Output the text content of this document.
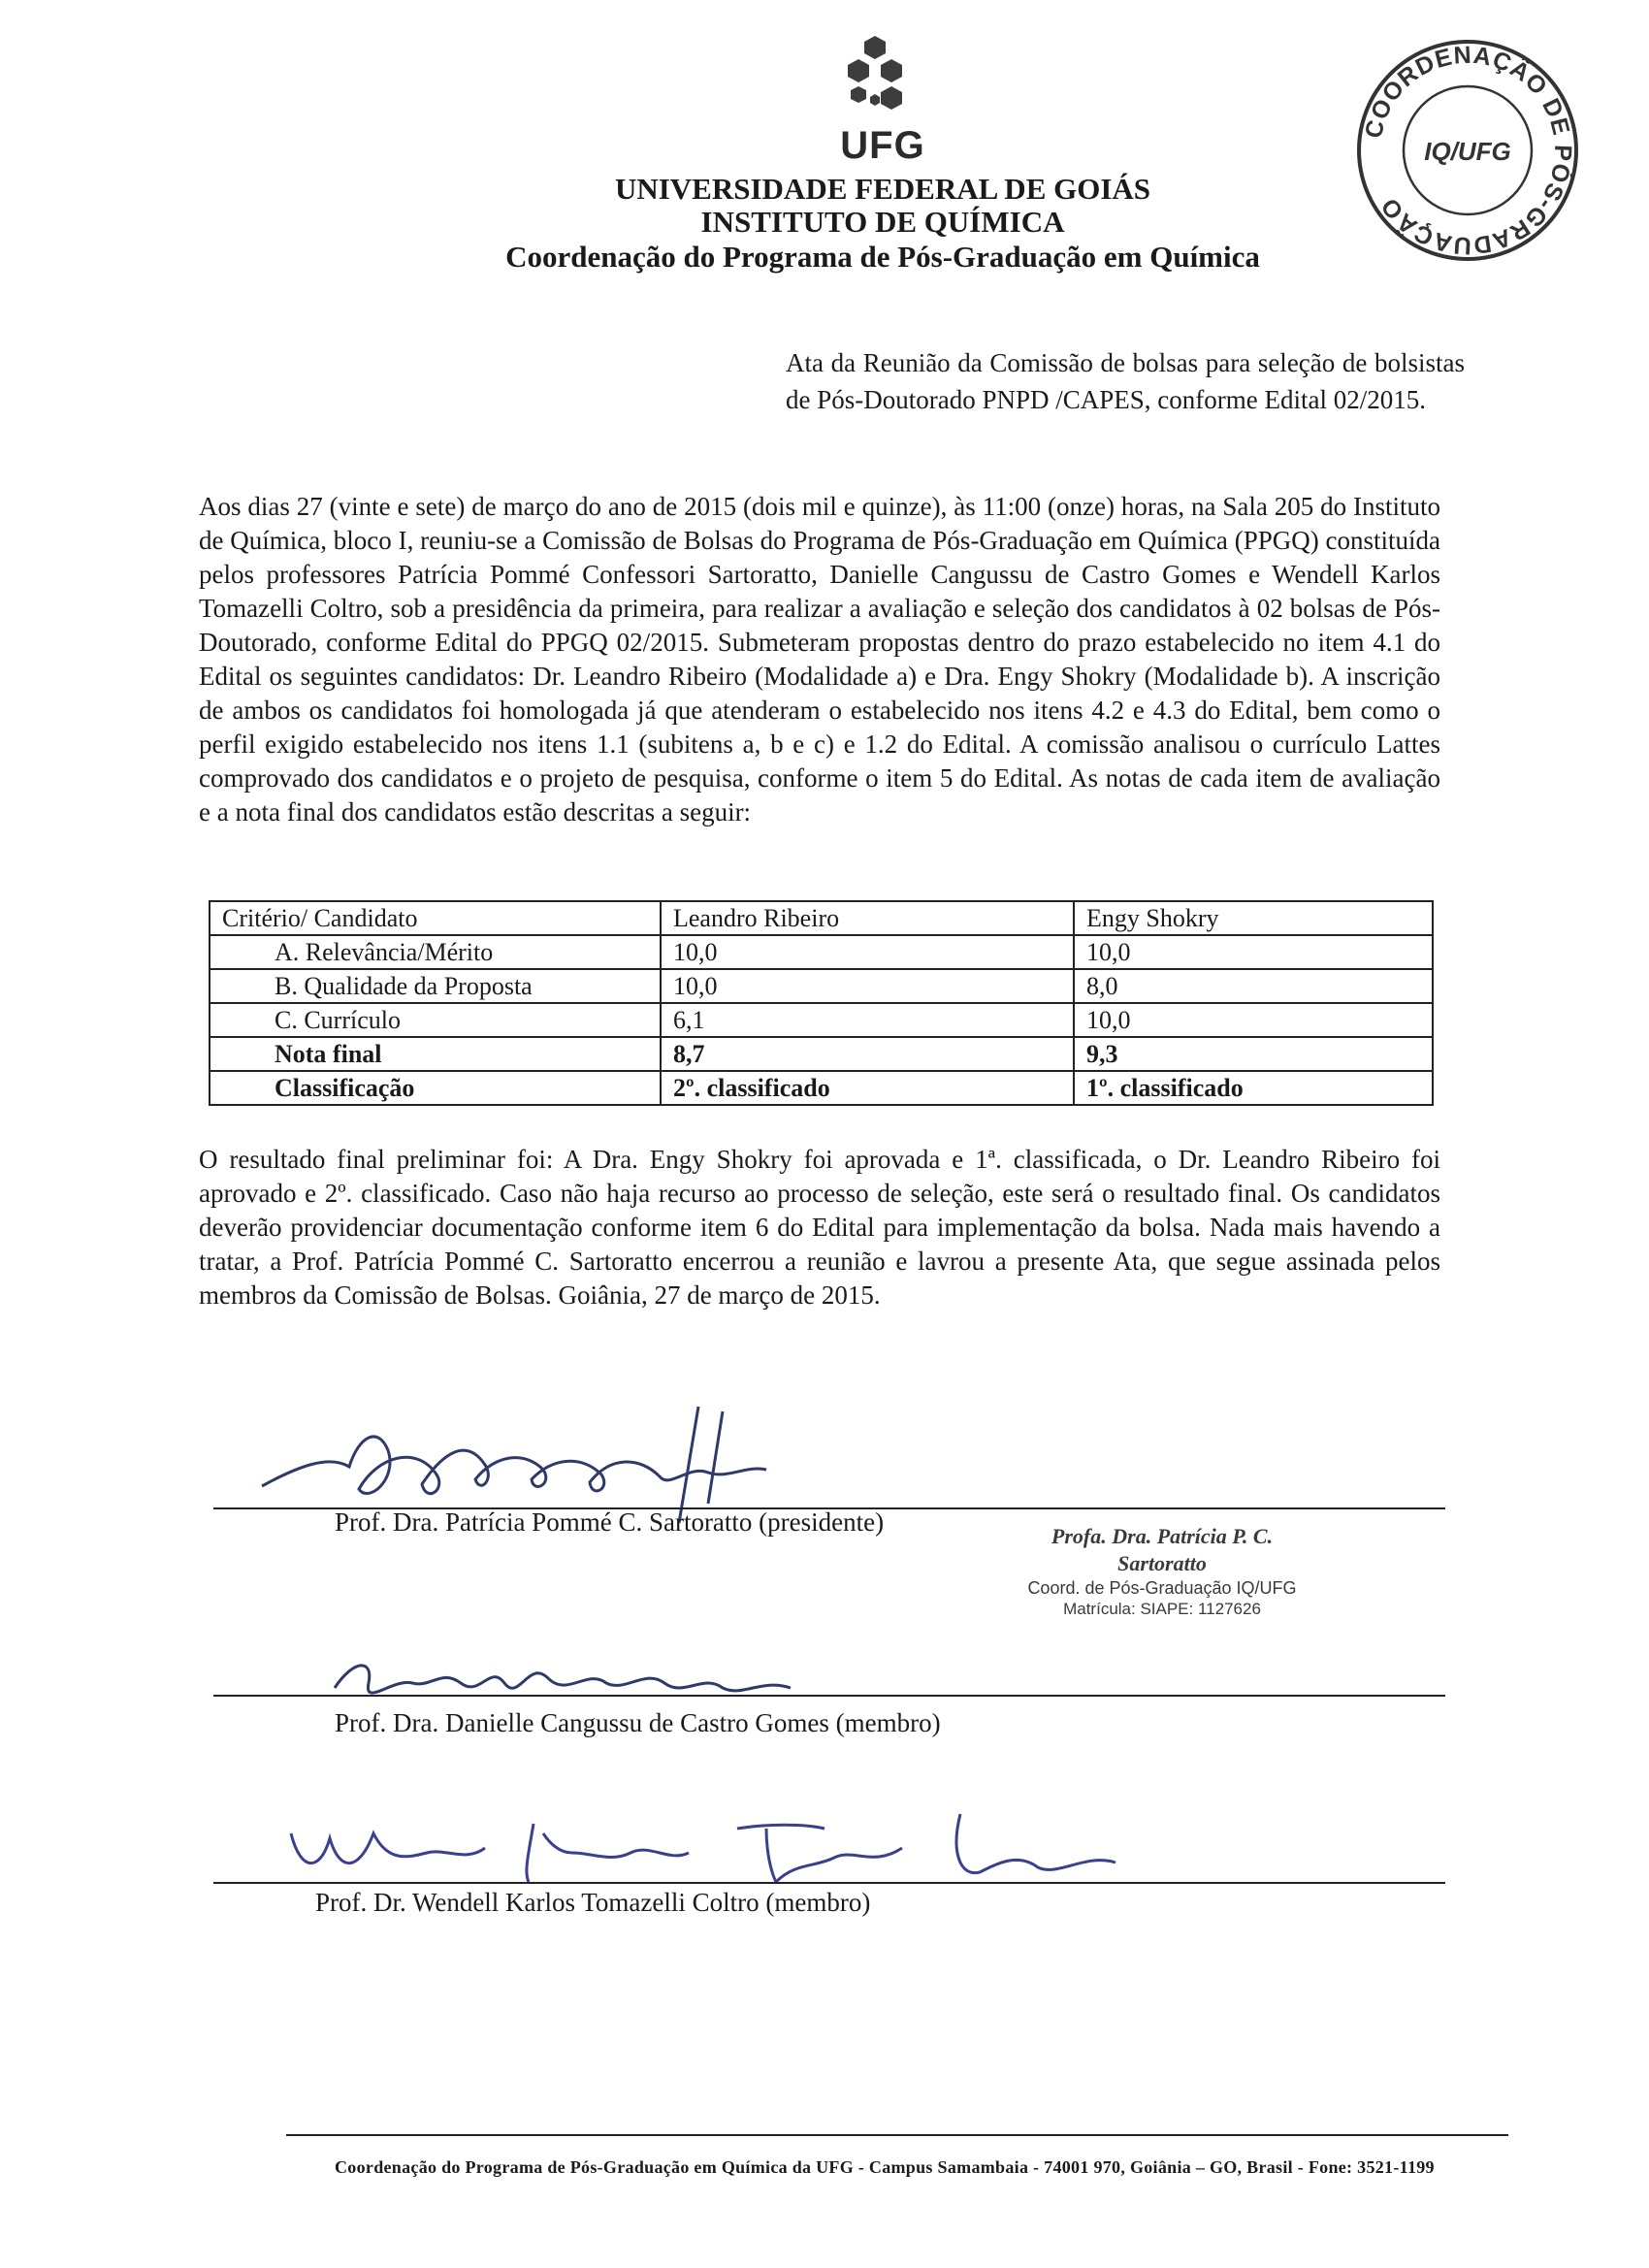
UFG
UNIVERSIDADE FEDERAL DE GOIÁS
INSTITUTO DE QUÍMICA
Coordenação do Programa de Pós-Graduação em Química
COORDENAÇÃO DE PÓS-GRADUAÇÃO
IQ/UFG
Ata da Reunião da Comissão de bolsas para seleção de bolsistas de Pós-Doutorado PNPD /CAPES, conforme Edital 02/2015.
Aos dias 27 (vinte e sete) de março do ano de 2015 (dois mil e quinze), às 11:00 (onze) horas, na Sala 205 do Instituto de Química, bloco I, reuniu-se a Comissão de Bolsas do Programa de Pós-Graduação em Química (PPGQ) constituída pelos professores Patrícia Pommé Confessori Sartoratto, Danielle Cangussu de Castro Gomes e Wendell Karlos Tomazelli Coltro, sob a presidência da primeira, para realizar a avaliação e seleção dos candidatos à 02 bolsas de Pós-Doutorado, conforme Edital do PPGQ 02/2015. Submeteram propostas dentro do prazo estabelecido no item 4.1 do Edital os seguintes candidatos: Dr. Leandro Ribeiro (Modalidade a) e Dra. Engy Shokry (Modalidade b). A inscrição de ambos os candidatos foi homologada já que atenderam o estabelecido nos itens 4.2 e 4.3 do Edital, bem como o perfil exigido estabelecido nos itens 1.1 (subitens a, b e c) e 1.2 do Edital. A comissão analisou o currículo Lattes comprovado dos candidatos e o projeto de pesquisa, conforme o item 5 do Edital. As notas de cada item de avaliação e a nota final dos candidatos estão descritas a seguir:
Critério/ Candidato	Leandro Ribeiro	Engy Shokry
A. Relevância/Mérito	10,0	10,0
B. Qualidade da Proposta	10,0	8,0
C. Currículo	6,1	10,0
Nota final	8,7	9,3
Classificação	2º. classificado	1º. classificado
O resultado final preliminar foi: A Dra. Engy Shokry foi aprovada e 1ª. classificada, o Dr. Leandro Ribeiro foi aprovado e 2º. classificado. Caso não haja recurso ao processo de seleção, este será o resultado final. Os candidatos deverão providenciar documentação conforme item 6 do Edital para implementação da bolsa. Nada mais havendo a tratar, a Prof. Patrícia Pommé C. Sartoratto encerrou a reunião e lavrou a presente Ata, que segue assinada pelos membros da Comissão de Bolsas. Goiânia, 27 de março de 2015.
Prof. Dra. Patrícia Pommé C. Sartoratto (presidente)	Profa. Dra. Patrícia P. C. Sartoratto
Coord. de Pós-Graduação IQ/UFG
Matrícula: SIAPE: 1127626
Prof. Dra. Danielle Cangussu de Castro Gomes (membro)
Prof. Dr. Wendell Karlos Tomazelli Coltro (membro)
Coordenação do Programa de Pós-Graduação em Química da UFG - Campus Samambaia - 74001 970, Goiânia – GO, Brasil - Fone: 3521-1199
